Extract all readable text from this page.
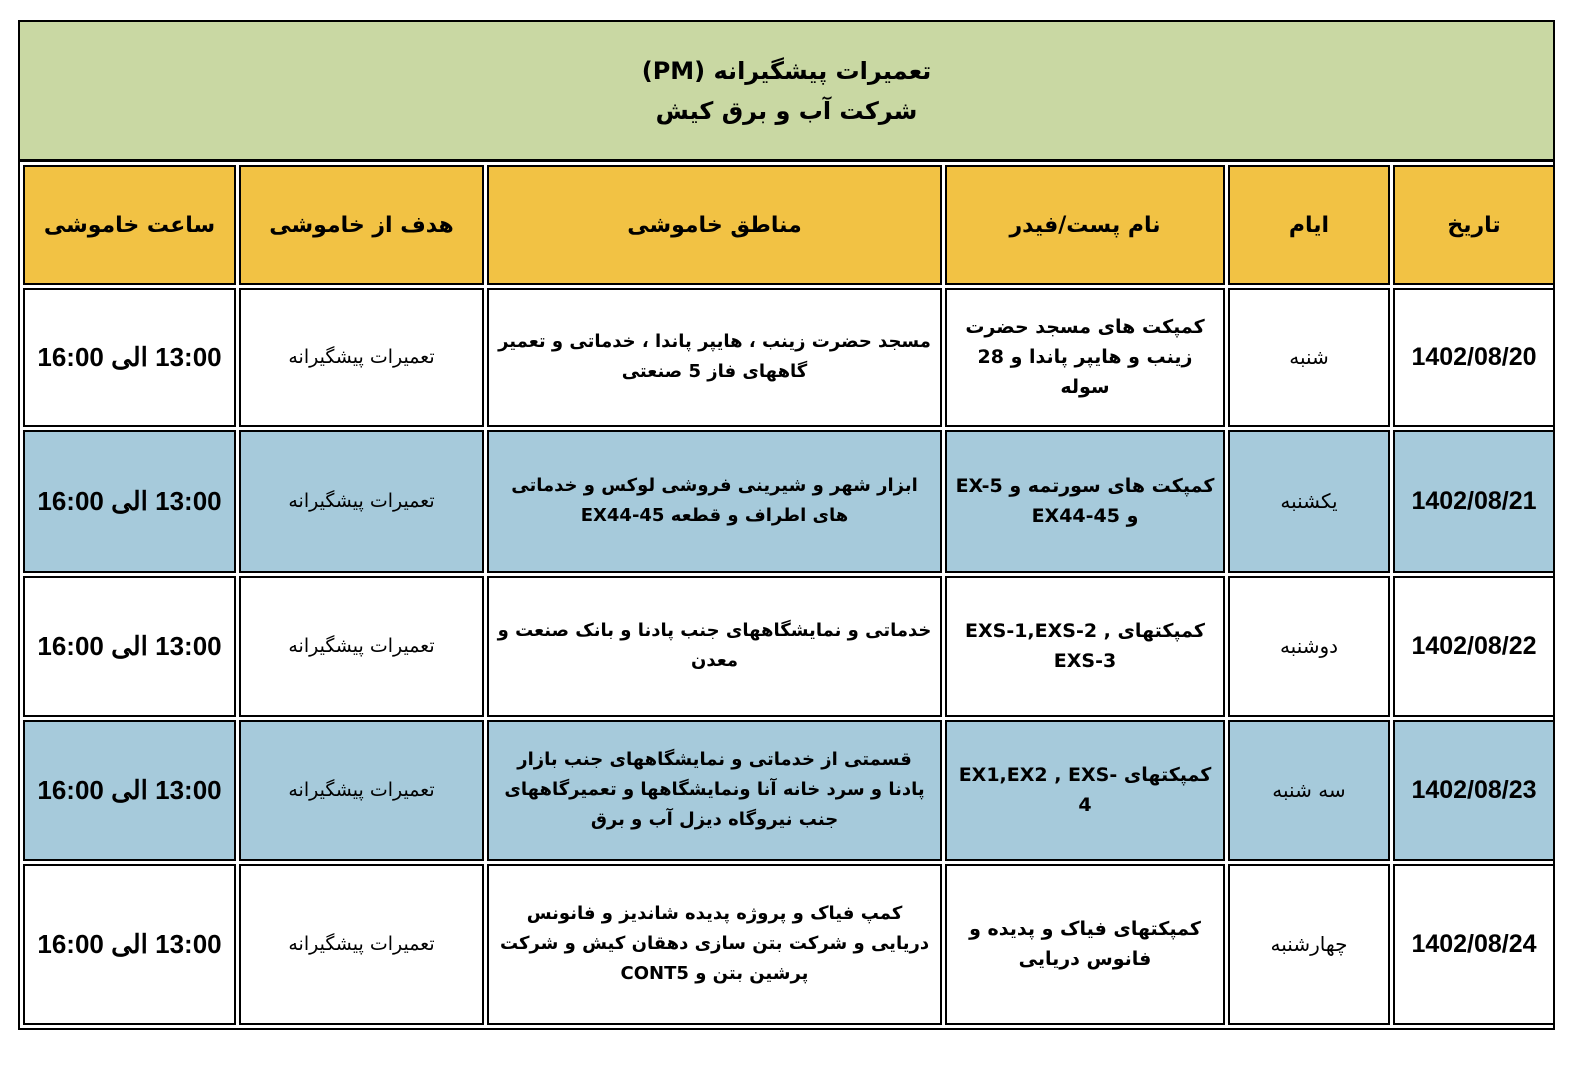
تعمیرات پیشگیرانه (PM)
شرکت آب و برق کیش
تاریخ	ایام	نام پست/فیدر	مناطق خاموشی	هدف از خاموشی	ساعت خاموشی
1402/08/20	شنبه	کمپکت های مسجد حضرت زینب و هایپر پاندا و 28 سوله	مسجد حضرت زینب ، هایپر پاندا ، خدماتی و تعمیر گاههای فاز 5 صنعتی	تعمیرات پیشگیرانه	13:00 الی 16:00
1402/08/21	یکشنبه	کمپکت های سورتمه و EX-5 و EX44-45	ابزار شهر و شیرینی فروشی لوکس و خدماتی های اطراف و قطعه EX44-45	تعمیرات پیشگیرانه	13:00 الی 16:00
1402/08/22	دوشنبه	کمپکتهای EXS-1,EXS-2 , EXS-3	خدماتی و نمایشگاههای جنب پادنا و بانک صنعت و معدن	تعمیرات پیشگیرانه	13:00 الی 16:00
1402/08/23	سه شنبه	کمپکتهای EX1,EX2 , EXS-4	قسمتی از خدماتی و نمایشگاههای جنب بازار پادنا و سرد خانه آنا ونمایشگاهها و تعمیرگاههای جنب نیروگاه دیزل آب و برق	تعمیرات پیشگیرانه	13:00 الی 16:00
1402/08/24	چهارشنبه	کمپکتهای فیاک و پدیده و فانوس دریایی	کمپ فیاک و پروژه پدیده شاندیز و فانونس دریایی و شرکت بتن سازی دهقان کیش و شرکت پرشین بتن و CONT5	تعمیرات پیشگیرانه	13:00 الی 16:00
